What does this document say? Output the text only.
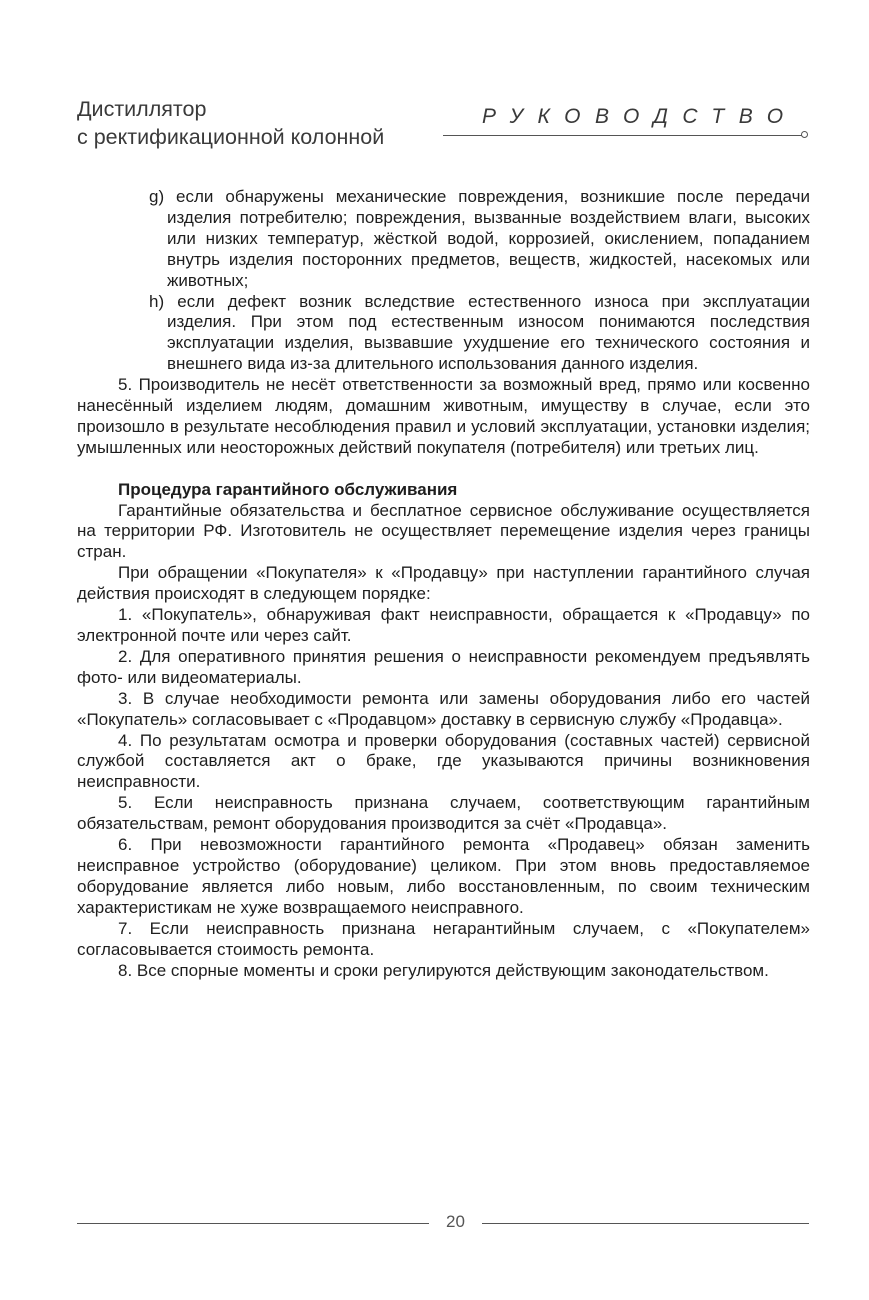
Дистиллятор
с ректификационной колонной
РУКОВОДСТВО

g) если обнаружены механические повреждения, возникшие после передачи изделия потребителю; повреждения, вызванные воздействием влаги, высоких или низких температур, жёсткой водой, коррозией, окислением, попаданием внутрь изделия посторонних предметов, веществ, жидкостей, насекомых или животных;

h) если дефект возник вследствие естественного износа при эксплуатации изделия. При этом под естественным износом понимаются последствия эксплуатации изделия, вызвавшие ухудшение его технического состояния и внешнего вида из-за длительного использования данного изделия.

5. Производитель не несёт ответственности за возможный вред, прямо или косвенно нанесённый изделием людям, домашним животным, имуществу в случае, если это произошло в результате несоблюдения правил и условий эксплуатации, установки изделия; умышленных или неосторожных действий покупателя (потребителя) или третьих лиц.

Процедура гарантийного обслуживания

Гарантийные обязательства и бесплатное сервисное обслуживание осуществляется на территории РФ. Изготовитель не осуществляет перемещение изделия через границы стран.

При обращении «Покупателя» к «Продавцу» при наступлении гарантийного случая действия происходят в следующем порядке:

1. «Покупатель», обнаруживая факт неисправности, обращается к «Продавцу» по электронной почте или через сайт.

2. Для оперативного принятия решения о неисправности рекомендуем предъявлять фото- или видеоматериалы.

3. В случае необходимости ремонта или замены оборудования либо его частей «Покупатель» согласовывает с «Продавцом» доставку в сервисную службу «Продавца».

4. По результатам осмотра и проверки оборудования (составных частей) сервисной службой составляется акт о браке, где указываются причины возникновения неисправности.

5. Если неисправность признана случаем, соответствующим гарантийным обязательствам, ремонт оборудования производится за счёт «Продавца».

6. При невозможности гарантийного ремонта «Продавец» обязан заменить неисправное устройство (оборудование) целиком. При этом вновь предоставляемое оборудование является либо новым, либо восстановленным, по своим техническим характеристикам не хуже возвращаемого неисправного.

7. Если неисправность признана негарантийным случаем, с «Покупателем» согласовывается стоимость ремонта.

8. Все спорные моменты и сроки регулируются действующим законодательством.

20
